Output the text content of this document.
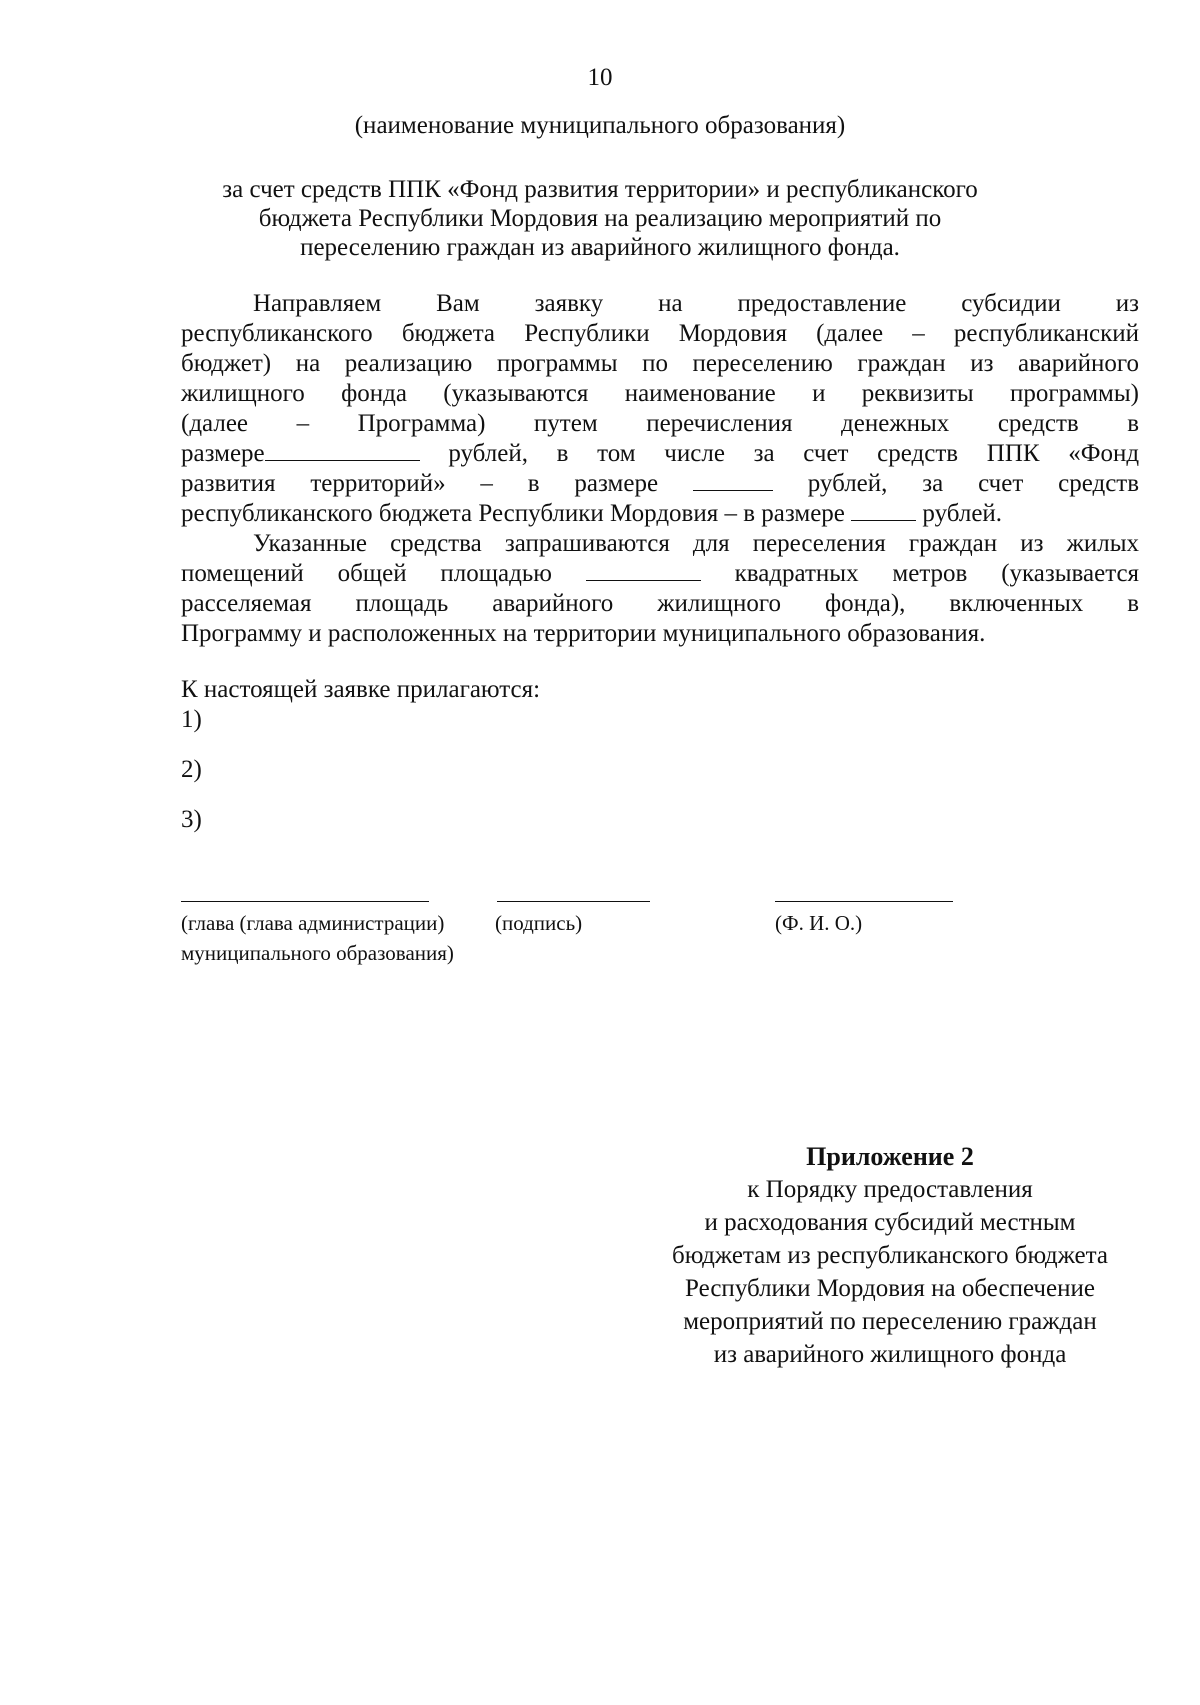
10
(наименование муниципального образования)
за счет средств ППК «Фонд развития территории» и республиканского
бюджета Республики Мордовия на реализацию мероприятий по
переселению граждан из аварийного жилищного фонда.
Направляем Вам заявку на предоставление субсидии из
республиканского бюджета Республики Мордовия (далее – республиканский
бюджет) на реализацию программы по переселению граждан из аварийного
жилищного фонда (указываются наименование и реквизиты программы)
(далее – Программа) путем перечисления денежных средств в
размере	рублей, в том числе за счет средств ППК «Фонд
развития территорий» – в размере	рублей, за счет средств
республиканского бюджета Республики Мордовия – в размере	рублей.
Указанные средства запрашиваются для переселения граждан из жилых
помещений общей площадью	квадратных метров (указывается
расселяемая площадь аварийного жилищного фонда), включенных в
Программу и расположенных на территории муниципального образования.
К настоящей заявке прилагаются:
1)
2)
3)
(глава (глава администрации)
муниципального образования)
(подпись)	(Ф. И. О.)
Приложение 2
к Порядку предоставления
и расходования субсидий местным
бюджетам из республиканского бюджета
Республики Мордовия на обеспечение
мероприятий по переселению граждан
из аварийного жилищного фонда
